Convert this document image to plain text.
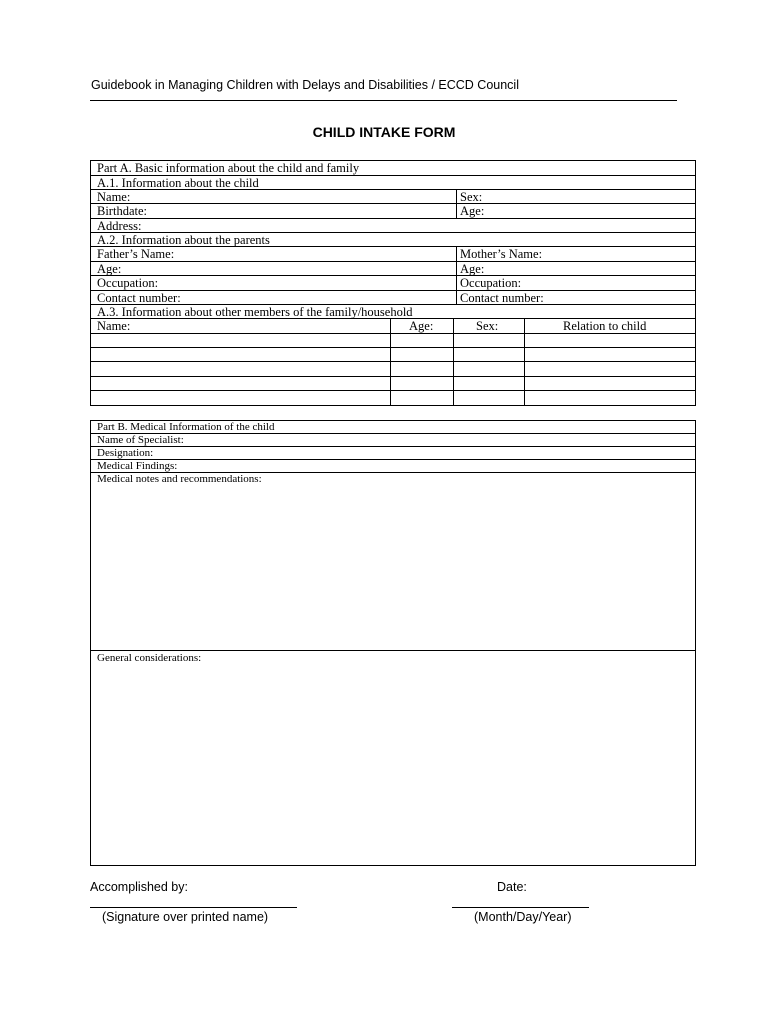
Guidebook in Managing Children with Delays and Disabilities / ECCD Council
CHILD INTAKE FORM
Part A. Basic information about the child and family
A.1. Information about the child
Name:	Sex:
Birthdate:	Age:
Address:
A.2. Information about the parents
Father’s Name:	Mother’s Name:
Age:	Age:
Occupation:	Occupation:
Contact number:	Contact number:
A.3. Information about other members of the family/household
Name:	Age:	Sex:	Relation to child
Part B. Medical Information of the child
Name of Specialist:
Designation:
Medical Findings:
Medical notes and recommendations:
General considerations:
Accomplished by:
(Signature over printed name)
Date:
(Month/Day/Year)
